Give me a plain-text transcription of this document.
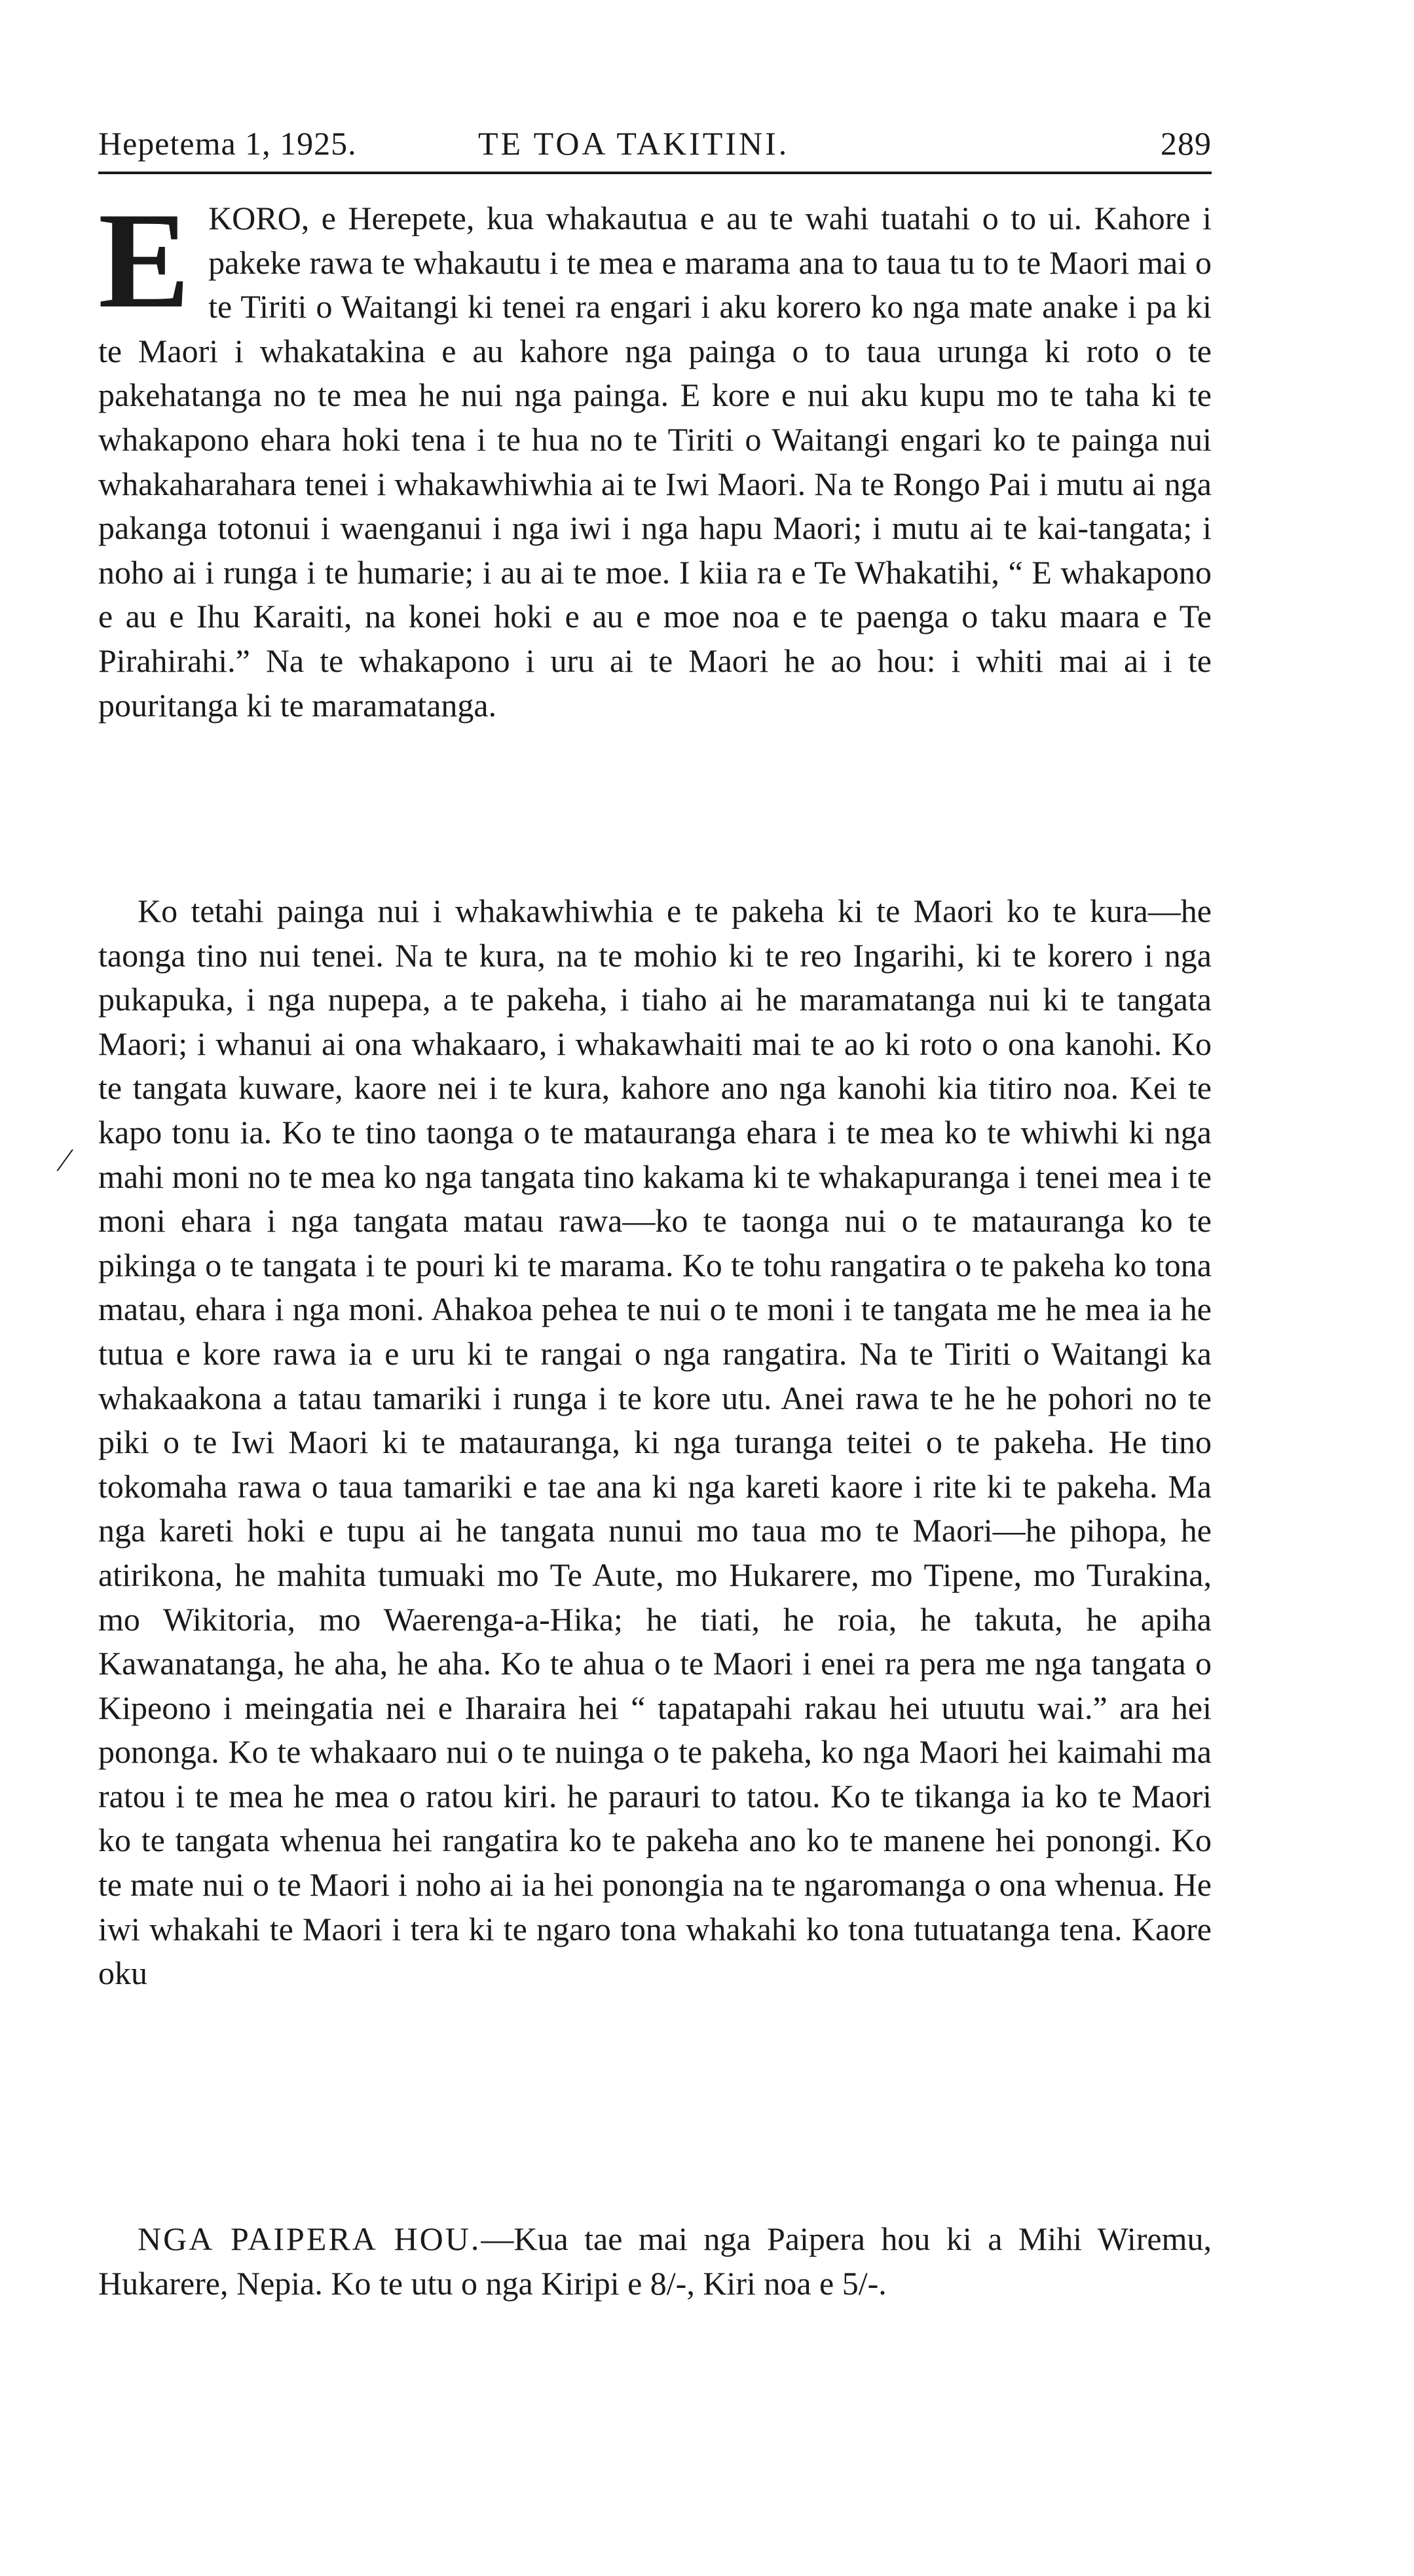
Hepetema 1, 1925.	TE TOA TAKITINI.	289
⁄

EKORO, e Herepete, kua whakautua e au te wahi tuatahi o to ui. Kahore i pakeke rawa te whakautu i te mea e marama ana to taua tu to te Maori mai o te Tiriti o Waitangi ki tenei ra engari i aku korero ko nga mate anake i pa ki te Maori i whakatakina e au kahore nga painga o to taua urunga ki roto o te pakehatanga no te mea he nui nga painga. E kore e nui aku kupu mo te taha ki te whakapono ehara hoki tena i te hua no te Tiriti o Waitangi engari ko te painga nui whakaharahara tenei i whakawhiwhia ai te Iwi Maori. Na te Rongo Pai i mutu ai nga pakanga totonui i waenganui i nga iwi i nga hapu Maori; i mutu ai te kai-tangata; i noho ai i runga i te humarie; i au ai te moe. I kiia ra e Te Whakatihi, “ E whakapono e au e Ihu Karaiti, na konei hoki e au e moe noa e te paenga o taku maara e Te Pirahirahi.” Na te whakapono i uru ai te Maori he ao hou: i whiti mai ai i te pouritanga ki te maramatanga.

Ko tetahi painga nui i whakawhiwhia e te pakeha ki te Maori ko te kura—he taonga tino nui tenei. Na te kura, na te mohio ki te reo Ingarihi, ki te korero i nga pukapuka, i nga nupepa, a te pakeha, i tiaho ai he maramatanga nui ki te tangata Maori; i whanui ai ona whakaaro, i whakawhaiti mai te ao ki roto o ona kanohi. Ko te tangata kuware, kaore nei i te kura, kahore ano nga kanohi kia titiro noa. Kei te kapo tonu ia. Ko te tino taonga o te matauranga ehara i te mea ko te whiwhi ki nga mahi moni no te mea ko nga tangata tino kakama ki te whakapuranga i tenei mea i te moni ehara i nga tangata matau rawa—ko te taonga nui o te matauranga ko te pikinga o te tangata i te pouri ki te marama. Ko te tohu rangatira o te pakeha ko tona matau, ehara i nga moni. Ahakoa pehea te nui o te moni i te tangata me he mea ia he tutua e kore rawa ia e uru ki te rangai o nga rangatira. Na te Tiriti o Waitangi ka whakaakona a tatau tamariki i runga i te kore utu. Anei rawa te he he pohori no te piki o te Iwi Maori ki te matauranga, ki nga turanga teitei o te pakeha. He tino tokomaha rawa o taua tamariki e tae ana ki nga kareti kaore i rite ki te pakeha. Ma nga kareti hoki e tupu ai he tangata nunui mo taua mo te Maori—he pihopa, he atirikona, he mahita tumuaki mo Te Aute, mo Hukarere, mo Tipene, mo Turakina, mo Wikitoria, mo Waerenga-a-Hika; he tiati, he roia, he takuta, he apiha Kawanatanga, he aha, he aha. Ko te ahua o te Maori i enei ra pera me nga tangata o Kipeono i meingatia nei e Iharaira hei “ tapatapahi rakau hei utuutu wai.” ara hei pononga. Ko te whakaaro nui o te nuinga o te pakeha, ko nga Maori hei kaimahi ma ratou i te mea he mea o ratou kiri. he parauri to tatou. Ko te tikanga ia ko te Maori ko te tangata whenua hei rangatira ko te pakeha ano ko te manene hei ponongi. Ko te mate nui o te Maori i noho ai ia hei ponongia na te ngaromanga o ona whenua. He iwi whakahi te Maori i tera ki te ngaro tona whakahi ko tona tutuatanga tena. Kaore oku

NGA PAIPERA HOU.—Kua tae mai nga Paipera hou ki a Mihi Wiremu, Hukarere, Nepia. Ko te utu o nga Kiripi e 8/-, Kiri noa e 5/-.
